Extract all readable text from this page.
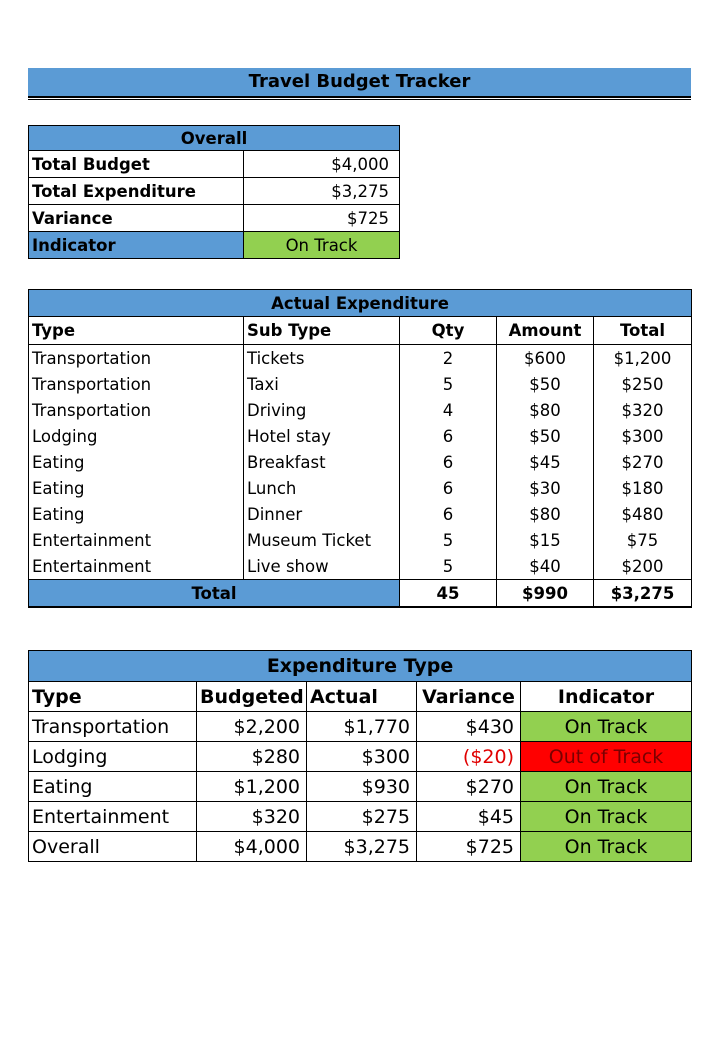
Travel Budget Tracker
Overall	
Total Budget	$4,000
Total Expenditure	$3,275
Variance	$725
Indicator	On Track
Actual Expenditure				
Type	Sub Type	Qty	Amount	Total
Transportation	Tickets	2	$600	$1,200
Transportation	Taxi	5	$50	$250
Transportation	Driving	4	$80	$320
Lodging	Hotel stay	6	$50	$300
Eating	Breakfast	6	$45	$270
Eating	Lunch	6	$30	$180
Eating	Dinner	6	$80	$480
Entertainment	Museum Ticket	5	$15	$75
Entertainment	Live show	5	$40	$200
Total		45	$990	$3,275
Expenditure Type				
Type	Budgeted	Actual	Variance	Indicator
Transportation	$2,200	$1,770	$430	On Track
Lodging	$280	$300	($20)	Out of Track
Eating	$1,200	$930	$270	On Track
Entertainment	$320	$275	$45	On Track
Overall	$4,000	$3,275	$725	On Track
